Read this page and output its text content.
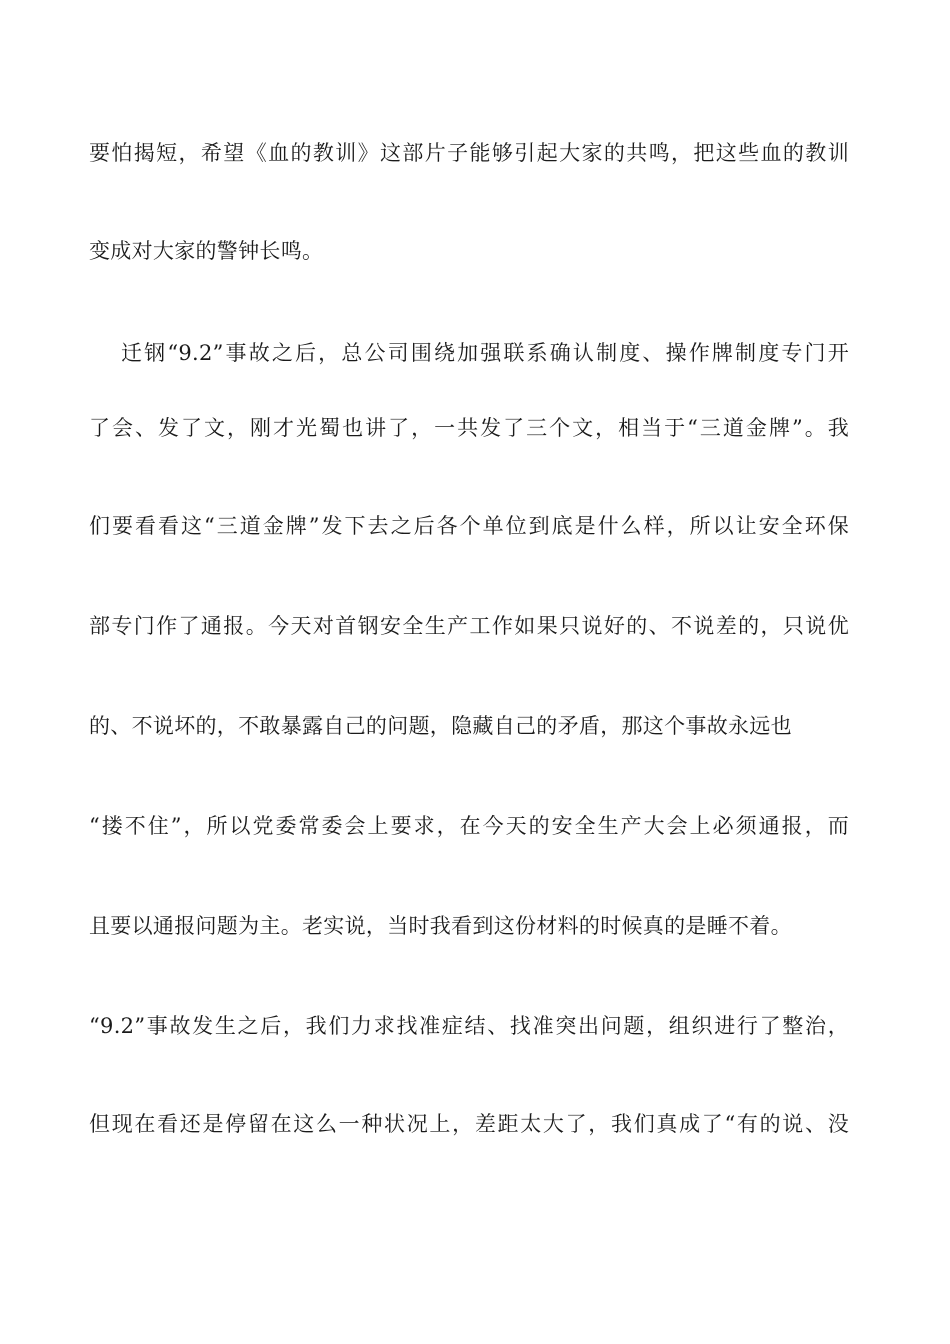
要怕揭短，希望《血的教训》这部片子能够引起大家的共鸣，把这些血的教训
变成对大家的警钟长鸣。
迁钢“9.2”事故之后，总公司围绕加强联系确认制度、操作牌制度专门开
了会、发了文，刚才光蜀也讲了，一共发了三个文，相当于“三道金牌”。我
们要看看这“三道金牌”发下去之后各个单位到底是什么样，所以让安全环保
部专门作了通报。今天对首钢安全生产工作如果只说好的、不说差的，只说优
的、不说坏的，不敢暴露自己的问题，隐藏自己的矛盾，那这个事故永远也
“搂不住”，所以党委常委会上要求，在今天的安全生产大会上必须通报，而
且要以通报问题为主。老实说，当时我看到这份材料的时候真的是睡不着。
“9.2”事故发生之后，我们力求找准症结、找准突出问题，组织进行了整治，
但现在看还是停留在这么一种状况上，差距太大了，我们真成了“有的说、没
